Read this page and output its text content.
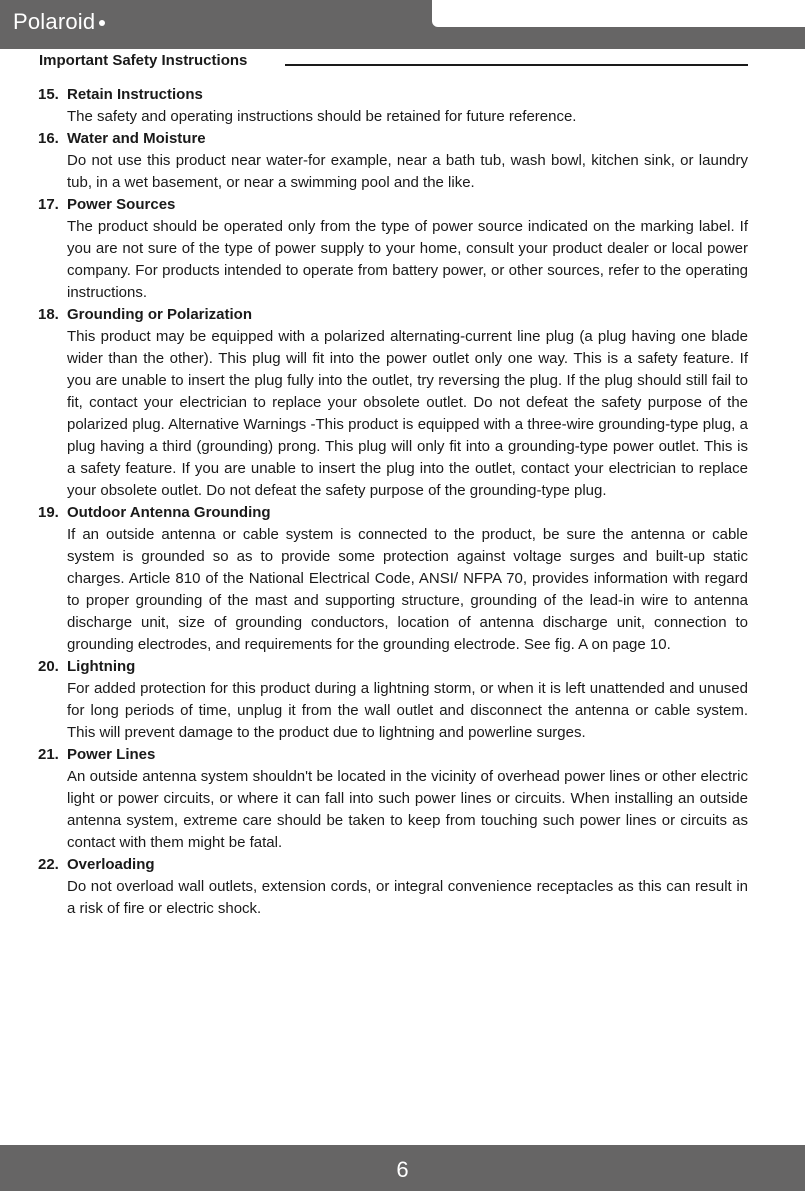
Polaroid
Important Safety Instructions
15. Retain Instructions

The safety and operating instructions should be retained for future reference.

16. Water and Moisture

Do not use this product near water-for example, near a bath tub, wash bowl, kitchen sink, or laundry tub, in a wet basement, or near a swimming pool and the like.

17. Power Sources

The product should be operated only from the type of power source indicated on the marking label. If you are not sure of the type of power supply to your home, consult your product dealer or local power company. For products intended to operate from battery power, or other sources, refer to the operating instructions.

18. Grounding or Polarization

This product may be equipped with a polarized alternating-current line plug (a plug having one blade wider than the other). This plug will fit into the power outlet only one way. This is a safety feature. If you are unable to insert the plug fully into the outlet, try reversing the plug. If the plug should still fail to fit, contact your electrician to replace your obsolete outlet. Do not defeat the safety purpose of the polarized plug. Alternative Warnings -This product is equipped with a three-wire grounding-type plug, a plug having a third (grounding) prong. This plug will only fit into a grounding-type power outlet. This is a safety feature. If you are unable to insert the plug into the outlet, contact your electrician to replace your obsolete outlet. Do not defeat the safety purpose of the grounding-type plug.

19. Outdoor Antenna Grounding

If an outside antenna or cable system is connected to the product, be sure the antenna or cable system is grounded so as to provide some protection against voltage surges and built-up static charges. Article 810 of the National Electrical Code, ANSI/ NFPA 70, provides information with regard to proper grounding of the mast and supporting structure, grounding of the lead-in wire to antenna discharge unit, size of grounding conductors, location of antenna discharge unit, connection to grounding electrodes, and requirements for the grounding electrode. See fig. A on page 10.

20. Lightning

For added protection for this product during a lightning storm, or when it is left unattended and unused for long periods of time, unplug it from the wall outlet and disconnect the antenna or cable system. This will prevent damage to the product due to lightning and powerline surges.

21. Power Lines

An outside antenna system shouldn't be located in the vicinity of overhead power lines or other electric light or power circuits, or where it can fall into such power lines or circuits. When installing an outside antenna system, extreme care should be taken to keep from touching such power lines or circuits as contact with them might be fatal.

22. Overloading

Do not overload wall outlets, extension cords, or integral convenience receptacles as this can result in a risk of fire or electric shock.

6
